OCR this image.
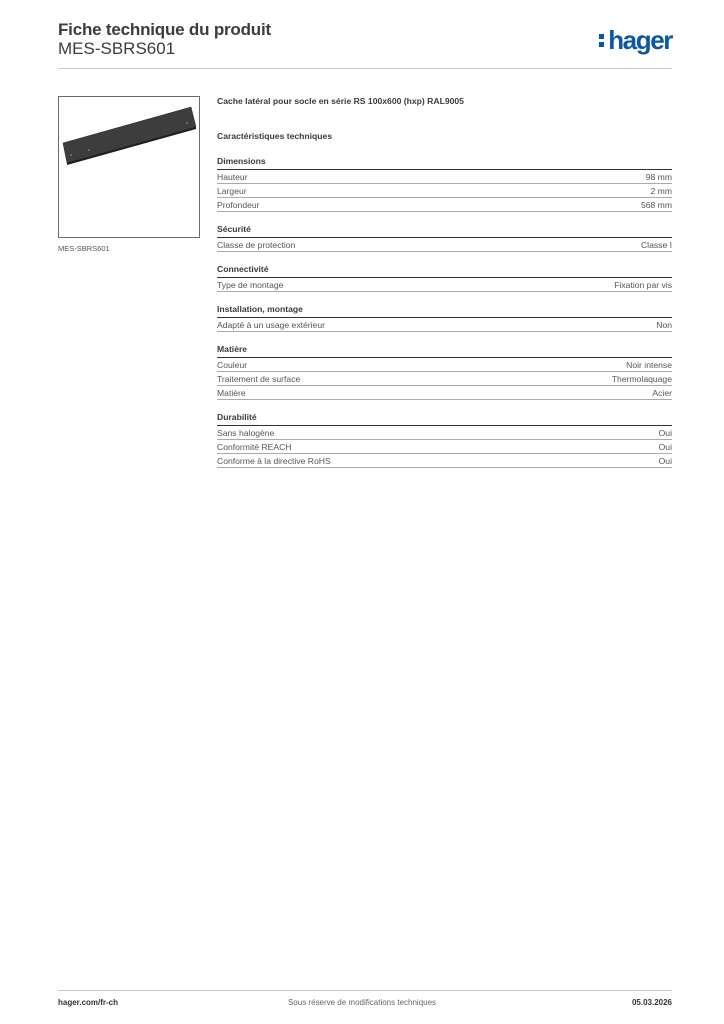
Fiche technique du produit
MES-SBRS601	hager
MES-SBRS601
Cache latéral pour socle en série RS 100x600 (hxp) RAL9005
Caractéristiques techniques
Dimensions
Hauteur	98 mm
Largeur	2 mm
Profondeur	568 mm
Sécurité
Classe de protection	Classe I
Connectivité
Type de montage	Fixation par vis
Installation, montage
Adapté à un usage extérieur	Non
Matière
Couleur	Noir intense
Traitement de surface	Thermolaquage
Matière	Acier
Durabilité
Sans halogène	Oui
Conformité REACH	Oui
Conforme à la directive RoHS	Oui
hager.com/fr-ch	Sous réserve de modifications techniques	05.03.2026
